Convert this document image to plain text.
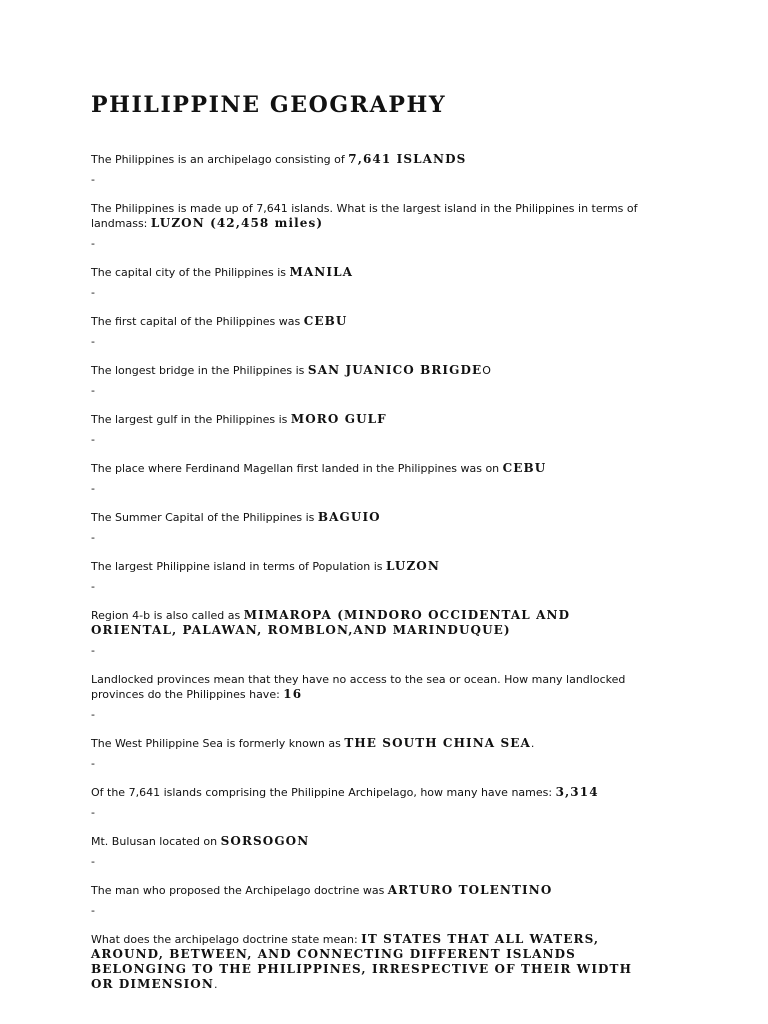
PHILIPPINE GEOGRAPHY

The Philippines is an archipelago consisting of 7,641 ISLANDS

-

The Philippines is made up of 7,641 islands. What is the largest island in the Philippines in terms of landmass: LUZON (42,458 miles)

-

The capital city of the Philippines is MANILA

-

The first capital of the Philippines was CEBU

-

The longest bridge in the Philippines is SAN JUANICO BRIGDEO

-

The largest gulf in the Philippines is MORO GULF

-

The place where Ferdinand Magellan first landed in the Philippines was on CEBU

-

The Summer Capital of the Philippines is BAGUIO

-

The largest Philippine island in terms of Population is LUZON

-

Region 4-b is also called as MIMAROPA (MINDORO OCCIDENTAL AND ORIENTAL, PALAWAN, ROMBLON,AND MARINDUQUE)

-

Landlocked provinces mean that they have no access to the sea or ocean. How many landlocked provinces do the Philippines have: 16

-

The West Philippine Sea is formerly known as THE SOUTH CHINA SEA.

-

Of the 7,641 islands comprising the Philippine Archipelago, how many have names: 3,314

-

Mt. Bulusan located on SORSOGON

-

The man who proposed the Archipelago doctrine was ARTURO TOLENTINO

-

What does the archipelago doctrine state mean: IT STATES THAT ALL WATERS, AROUND, BETWEEN, AND CONNECTING DIFFERENT ISLANDS BELONGING TO THE PHILIPPINES, IRRESPECTIVE OF THEIR WIDTH OR DIMENSION.
